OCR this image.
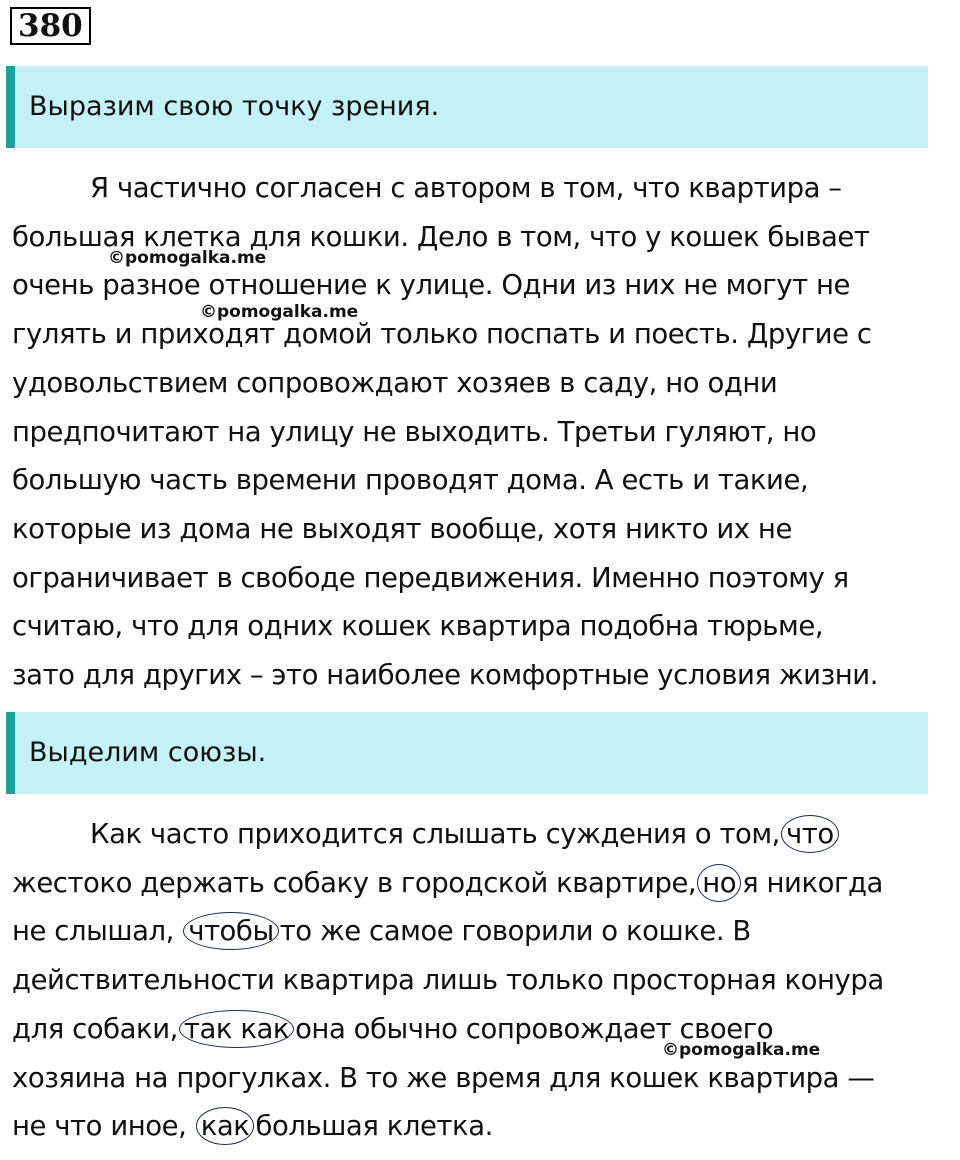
380
Выразим свою точку зрения.
Я частично согласен с автором в том, что квартира –
большая клетка для кошки. Дело в том, что у кошек бывает
очень разное отношение к улице. Одни из них не могут не
гулять и приходят домой только поспать и поесть. Другие с
удовольствием сопровождают хозяев в саду, но одни
предпочитают на улицу не выходить. Третьи гуляют, но
большую часть времени проводят дома. А есть и такие,
которые из дома не выходят вообще, хотя никто их не
ограничивает в свободе передвижения. Именно поэтому я
считаю, что для одних кошек квартира подобна тюрьме,
зато для других – это наиболее комфортные условия жизни.
Выделим союзы.
Как часто приходится слышать суждения о том, что
жестоко держать собаку в городской квартире, но я никогда
не слышал, чтобы то же самое говорили о кошке. В
действительности квартира лишь только просторная конура
для собаки, так как она обычно сопровождает своего
хозяина на прогулках. В то же время для кошек квартира —
не что иное, как большая клетка.
©pomogalka.me
©pomogalka.me
©pomogalka.me
